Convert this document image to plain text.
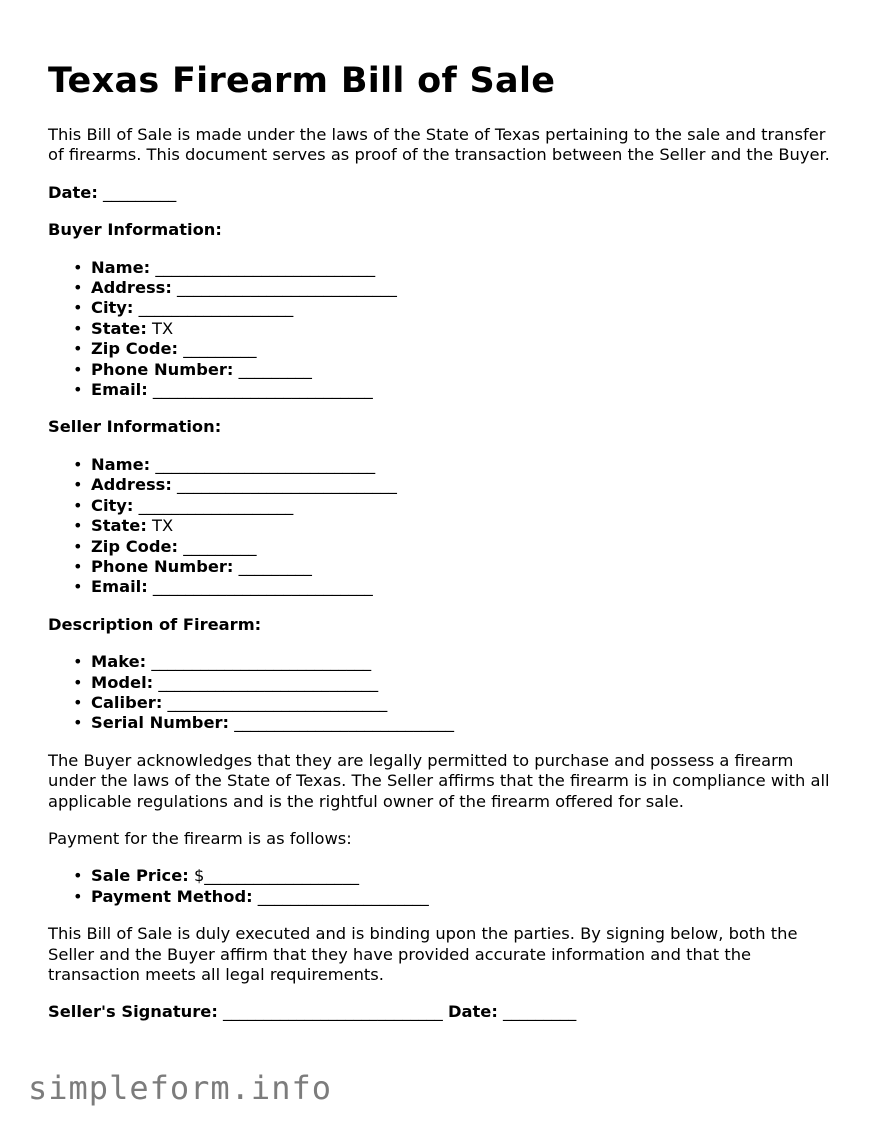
Texas Firearm Bill of Sale

This Bill of Sale is made under the laws of the State of Texas pertaining to the sale and transfer of firearms. This document serves as proof of the transaction between the Seller and the Buyer.

Date: _________

Buyer Information:

• Name: ___________________________
• Address: ___________________________
• City: ___________________
• State: TX
• Zip Code: _________
• Phone Number: _________
• Email: ___________________________

Seller Information:

• Name: ___________________________
• Address: ___________________________
• City: ___________________
• State: TX
• Zip Code: _________
• Phone Number: _________
• Email: ___________________________

Description of Firearm:

• Make: ___________________________
• Model: ___________________________
• Caliber: ___________________________
• Serial Number: ___________________________

The Buyer acknowledges that they are legally permitted to purchase and possess a firearm under the laws of the State of Texas. The Seller affirms that the firearm is in compliance with all applicable regulations and is the rightful owner of the firearm offered for sale.

Payment for the firearm is as follows:

• Sale Price: $___________________
• Payment Method: _____________________

This Bill of Sale is duly executed and is binding upon the parties. By signing below, both the Seller and the Buyer affirm that they have provided accurate information and that the transaction meets all legal requirements.

Seller's Signature: ___________________________ Date: _________

simpleform.info
